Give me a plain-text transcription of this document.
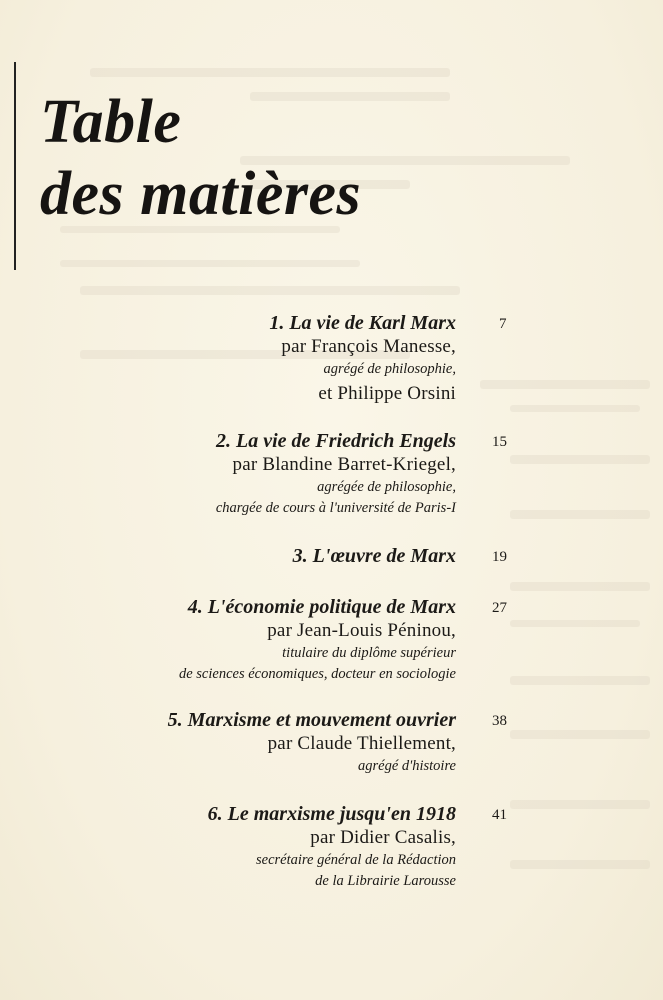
Table
des matières
1. La vie de Karl Marx
par François Manesse,
agrégé de philosophie,
et Philippe Orsini
7
2. La vie de Friedrich Engels
par Blandine Barret-Kriegel,
agrégée de philosophie,
chargée de cours à l'université de Paris-I
15
3. L'œuvre de Marx 19
4. L'économie politique de Marx
par Jean-Louis Péninou,
titulaire du diplôme supérieur
de sciences économiques, docteur en sociologie
27
5. Marxisme et mouvement ouvrier
par Claude Thiellement,
agrégé d'histoire
38
6. Le marxisme jusqu'en 1918
par Didier Casalis,
secrétaire général de la Rédaction
de la Librairie Larousse
41
